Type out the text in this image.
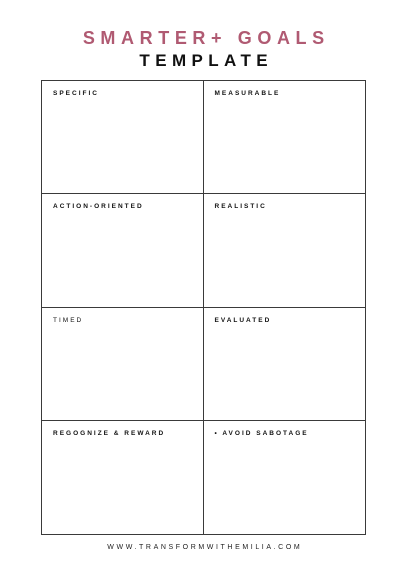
SMARTER+ GOALS
TEMPLATE
SPECIFIC	MEASURABLE
ACTION-ORIENTED	REALISTIC
TIMED	EVALUATED
REGOGNIZE & REWARD	• AVOID SABOTAGE
WWW.TRANSFORMWITHEMILIA.COM
